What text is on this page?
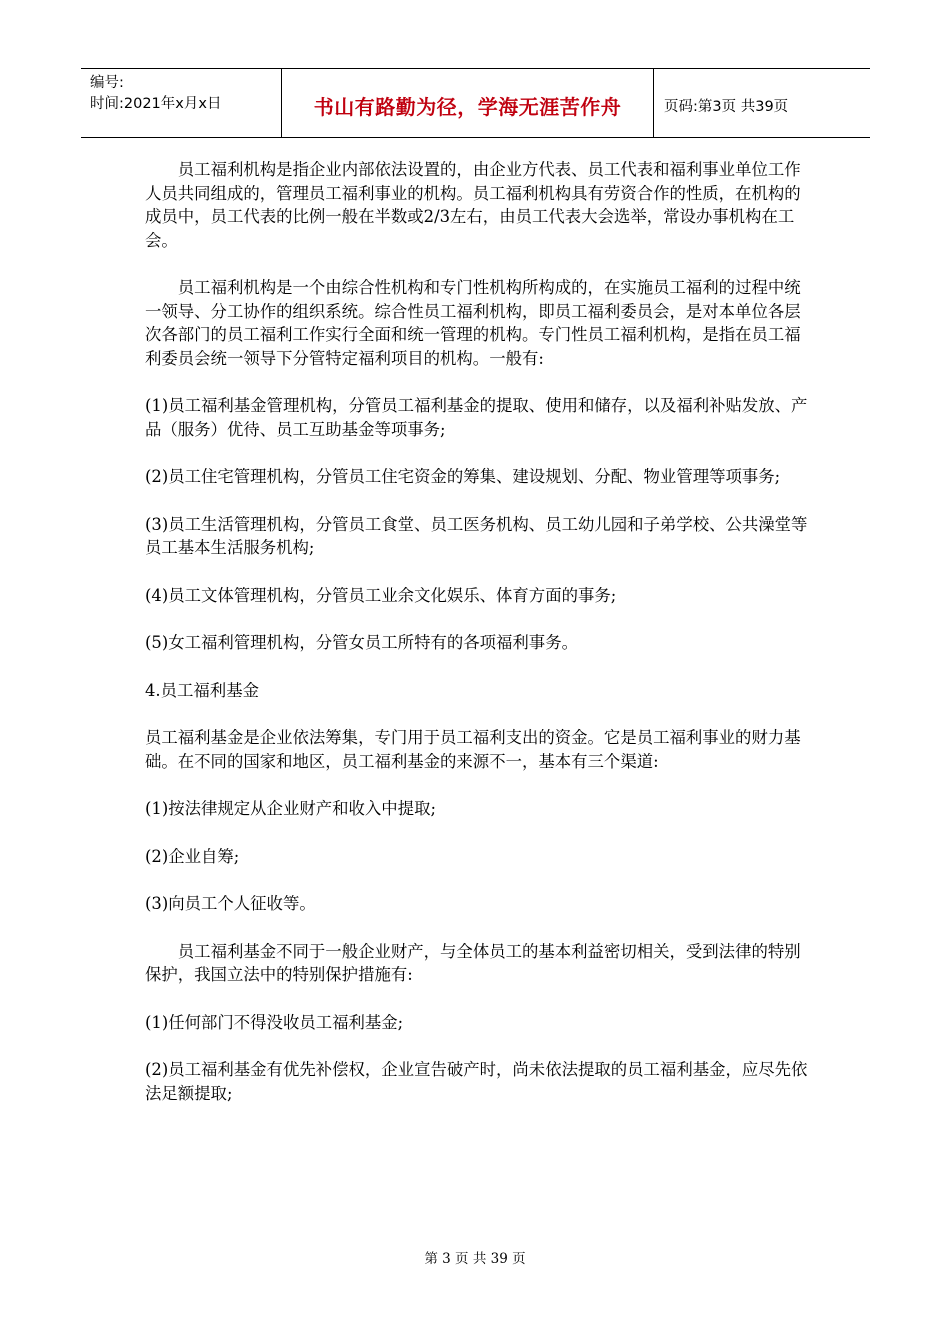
编号:
时间:2021年x月x日	书山有路勤为径，学海无涯苦作舟	页码:第3页 共39页

员工福利机构是指企业内部依法设置的，由企业方代表、员工代表和福利事业单位工作人员共同组成的，管理员工福利事业的机构。员工福利机构具有劳资合作的性质，在机构的成员中，员工代表的比例一般在半数或2/3左右，由员工代表大会选举，常设办事机构在工会。

员工福利机构是一个由综合性机构和专门性机构所构成的，在实施员工福利的过程中统一领导、分工协作的组织系统。综合性员工福利机构，即员工福利委员会，是对本单位各层次各部门的员工福利工作实行全面和统一管理的机构。专门性员工福利机构，是指在员工福利委员会统一领导下分管特定福利项目的机构。一般有:

(1)员工福利基金管理机构，分管员工福利基金的提取、使用和储存，以及福利补贴发放、产品（服务）优待、员工互助基金等项事务;

(2)员工住宅管理机构，分管员工住宅资金的筹集、建设规划、分配、物业管理等项事务;

(3)员工生活管理机构，分管员工食堂、员工医务机构、员工幼儿园和子弟学校、公共澡堂等员工基本生活服务机构;

(4)员工文体管理机构，分管员工业余文化娱乐、体育方面的事务;

(5)女工福利管理机构，分管女员工所特有的各项福利事务。

4.员工福利基金

员工福利基金是企业依法筹集，专门用于员工福利支出的资金。它是员工福利事业的财力基础。在不同的国家和地区，员工福利基金的来源不一，基本有三个渠道:

(1)按法律规定从企业财产和收入中提取;

(2)企业自筹;

(3)向员工个人征收等。

员工福利基金不同于一般企业财产，与全体员工的基本利益密切相关，受到法律的特别保护，我国立法中的特别保护措施有:

(1)任何部门不得没收员工福利基金;

(2)员工福利基金有优先补偿权，企业宣告破产时，尚未依法提取的员工福利基金，应尽先依法足额提取;

第 3 页 共 39 页
